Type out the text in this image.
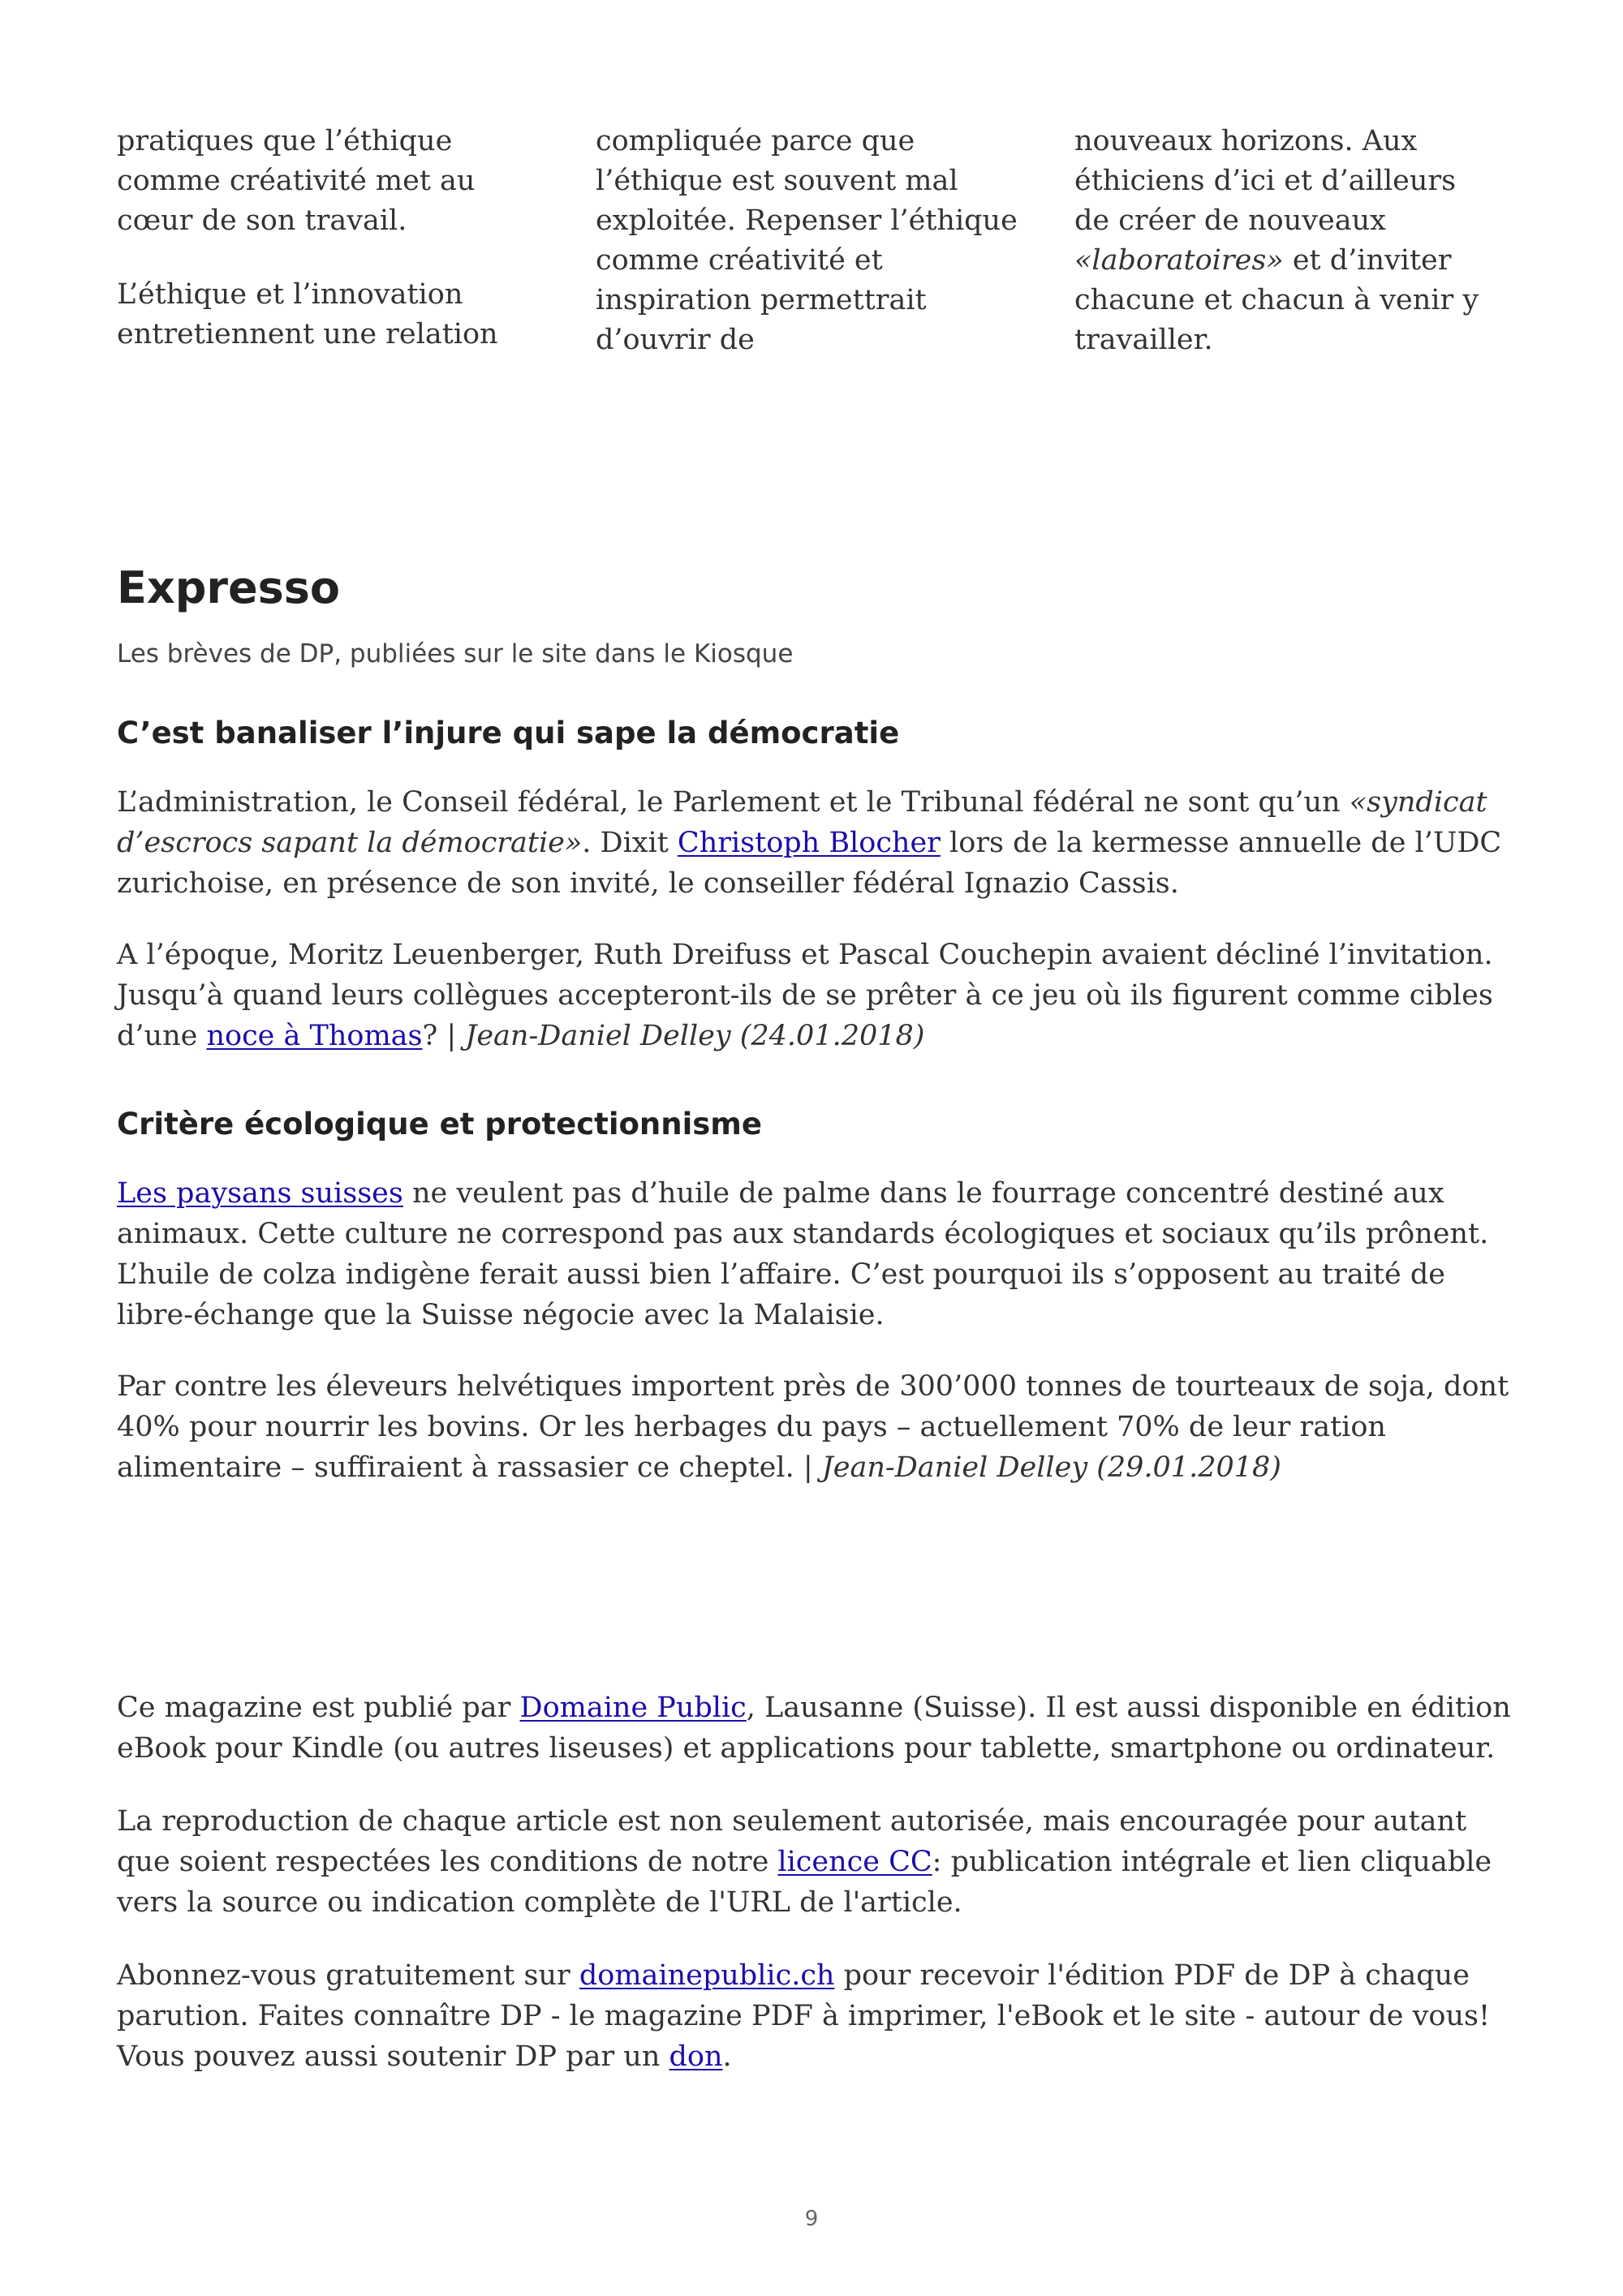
pratiques que l’éthique comme créativité met au cœur de son travail.

L’éthique et l’innovation entretiennent une relation

compliquée parce que l’éthique est souvent mal exploitée. Repenser l’éthique comme créativité et inspiration permettrait d’ouvrir de

nouveaux horizons. Aux éthiciens d’ici et d’ailleurs de créer de nouveaux «laboratoires» et d’inviter chacune et chacun à venir y travailler.

Expresso

Les brèves de DP, publiées sur le site dans le Kiosque

C’est banaliser l’injure qui sape la démocratie

L’administration, le Conseil fédéral, le Parlement et le Tribunal fédéral ne sont qu’un «syndicat d’escrocs sapant la démocratie». Dixit Christoph Blocher lors de la kermesse annuelle de l’UDC zurichoise, en présence de son invité, le conseiller fédéral Ignazio Cassis.

A l’époque, Moritz Leuenberger, Ruth Dreifuss et Pascal Couchepin avaient décliné l’invitation. Jusqu’à quand leurs collègues accepteront-ils de se prêter à ce jeu où ils figurent comme cibles d’une noce à Thomas? | Jean-Daniel Delley (24.01.2018)

Critère écologique et protectionnisme

Les paysans suisses ne veulent pas d’huile de palme dans le fourrage concentré destiné aux animaux. Cette culture ne correspond pas aux standards écologiques et sociaux qu’ils prônent. L’huile de colza indigène ferait aussi bien l’affaire. C’est pourquoi ils s’opposent au traité de libre-échange que la Suisse négocie avec la Malaisie.

Par contre les éleveurs helvétiques importent près de 300’000 tonnes de tourteaux de soja, dont 40% pour nourrir les bovins. Or les herbages du pays – actuellement 70% de leur ration alimentaire – suffiraient à rassasier ce cheptel. | Jean-Daniel Delley (29.01.2018)

Ce magazine est publié par Domaine Public, Lausanne (Suisse). Il est aussi disponible en édition eBook pour Kindle (ou autres liseuses) et applications pour tablette, smartphone ou ordinateur.

La reproduction de chaque article est non seulement autorisée, mais encouragée pour autant que soient respectées les conditions de notre licence CC: publication intégrale et lien cliquable vers la source ou indication complète de l'URL de l'article.

Abonnez-vous gratuitement sur domainepublic.ch pour recevoir l'édition PDF de DP à chaque parution. Faites connaître DP - le magazine PDF à imprimer, l'eBook et le site - autour de vous! Vous pouvez aussi soutenir DP par un don.

9
